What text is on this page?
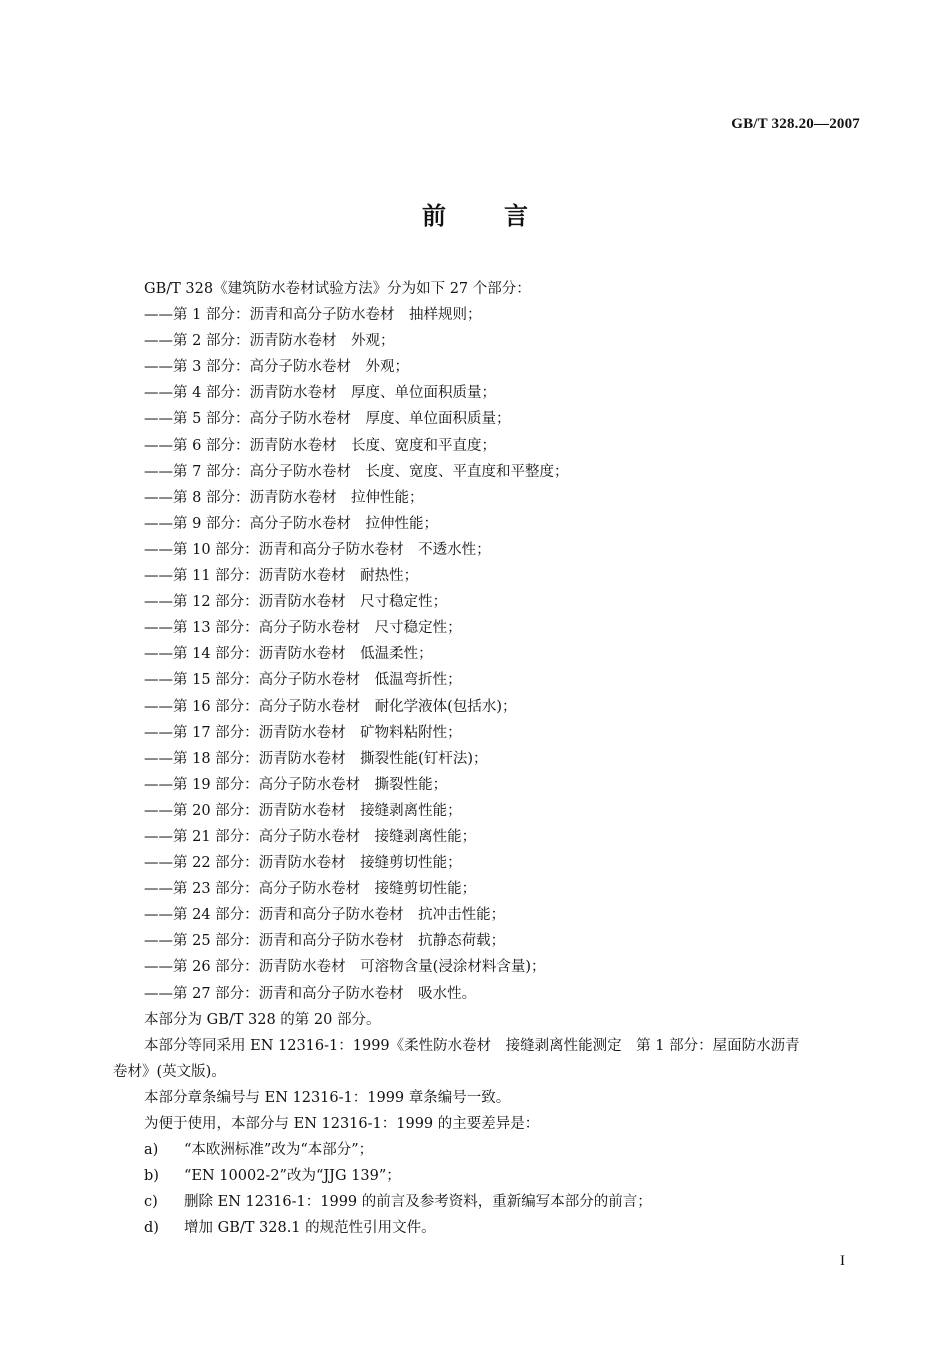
GB/T 328.20—2007
前言
GB/T 328《建筑防水卷材试验方法》分为如下 27 个部分：
——第 1 部分：沥青和高分子防水卷材　抽样规则；
——第 2 部分：沥青防水卷材　外观；
——第 3 部分：高分子防水卷材　外观；
——第 4 部分：沥青防水卷材　厚度、单位面积质量；
——第 5 部分：高分子防水卷材　厚度、单位面积质量；
——第 6 部分：沥青防水卷材　长度、宽度和平直度；
——第 7 部分：高分子防水卷材　长度、宽度、平直度和平整度；
——第 8 部分：沥青防水卷材　拉伸性能；
——第 9 部分：高分子防水卷材　拉伸性能；
——第 10 部分：沥青和高分子防水卷材　不透水性；
——第 11 部分：沥青防水卷材　耐热性；
——第 12 部分：沥青防水卷材　尺寸稳定性；
——第 13 部分：高分子防水卷材　尺寸稳定性；
——第 14 部分：沥青防水卷材　低温柔性；
——第 15 部分：高分子防水卷材　低温弯折性；
——第 16 部分：高分子防水卷材　耐化学液体(包括水)；
——第 17 部分：沥青防水卷材　矿物料粘附性；
——第 18 部分：沥青防水卷材　撕裂性能(钉杆法)；
——第 19 部分：高分子防水卷材　撕裂性能；
——第 20 部分：沥青防水卷材　接缝剥离性能；
——第 21 部分：高分子防水卷材　接缝剥离性能；
——第 22 部分：沥青防水卷材　接缝剪切性能；
——第 23 部分：高分子防水卷材　接缝剪切性能；
——第 24 部分：沥青和高分子防水卷材　抗冲击性能；
——第 25 部分：沥青和高分子防水卷材　抗静态荷载；
——第 26 部分：沥青防水卷材　可溶物含量(浸涂材料含量)；
——第 27 部分：沥青和高分子防水卷材　吸水性。
本部分为 GB/T 328 的第 20 部分。
本部分等同采用 EN 12316-1：1999《柔性防水卷材　接缝剥离性能测定　第 1 部分：屋面防水沥青
卷材》(英文版)。
本部分章条编号与 EN 12316-1：1999 章条编号一致。
为便于使用，本部分与 EN 12316-1：1999 的主要差异是：
a)	“本欧洲标准”改为“本部分”；
b)	“EN 10002-2”改为“JJG 139”；
c)	删除 EN 12316-1：1999 的前言及参考资料，重新编写本部分的前言；
d)	增加 GB/T 328.1 的规范性引用文件。
I
